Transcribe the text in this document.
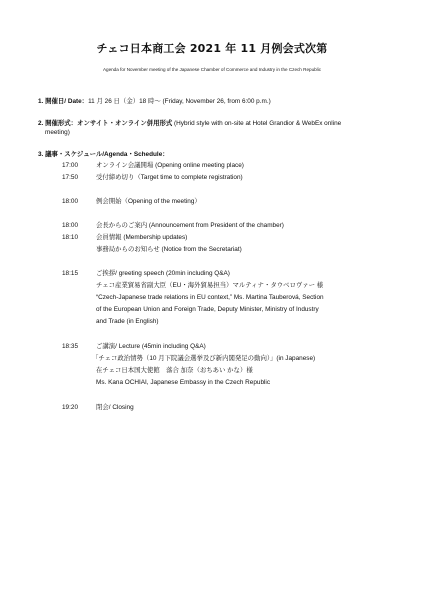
チェコ日本商工会 2021 年 11 月例会式次第
Agenda for November meeting of the Japanese Chamber of Commerce and Industry in the Czech Republic
1. 開催日/ Date：11 月 26 日（金）18 時～ (Friday, November 26, from 6:00 p.m.)
2. 開催形式：オンサイト・オンライン併用形式 (Hybrid style with on-site at Hotel Grandior & WebEx online
meeting)
3. 議事・スケジュール/Agenda・Schedule：
17:00	オンライン会議開場 (Opening online meeting place)
17:50	受付締め切り（Target time to complete registration)
18:00	例会開始（Opening of the meeting）
18:00	会長からのご案内 (Announcement from President of the chamber)
18:10	会員情報 (Membership updates)
事務局からのお知らせ (Notice from the Secretariat)
18:15	ご挨拶/ greeting speech (20min including Q&A)
チェコ産業貿易省副大臣（EU・海外貿易担当）マルティナ・タウベロヴァー 様
“Czech-Japanese trade relations in EU context,” Ms. Martina Tauberová, Section
of the European Union and Foreign Trade, Deputy Minister, Ministry of Industry
and Trade (in English)
18:35	ご講演/ Lecture (45min including Q&A)
「チェコ政治情勢（10 月下院議会選挙及び新内閣発足の動向）」(in Japanese)
在チェコ日本国大使館　落合 加奈（おちあい かな）様
Ms. Kana OCHIAI, Japanese Embassy in the Czech Republic
19:20	閉会/ Closing
